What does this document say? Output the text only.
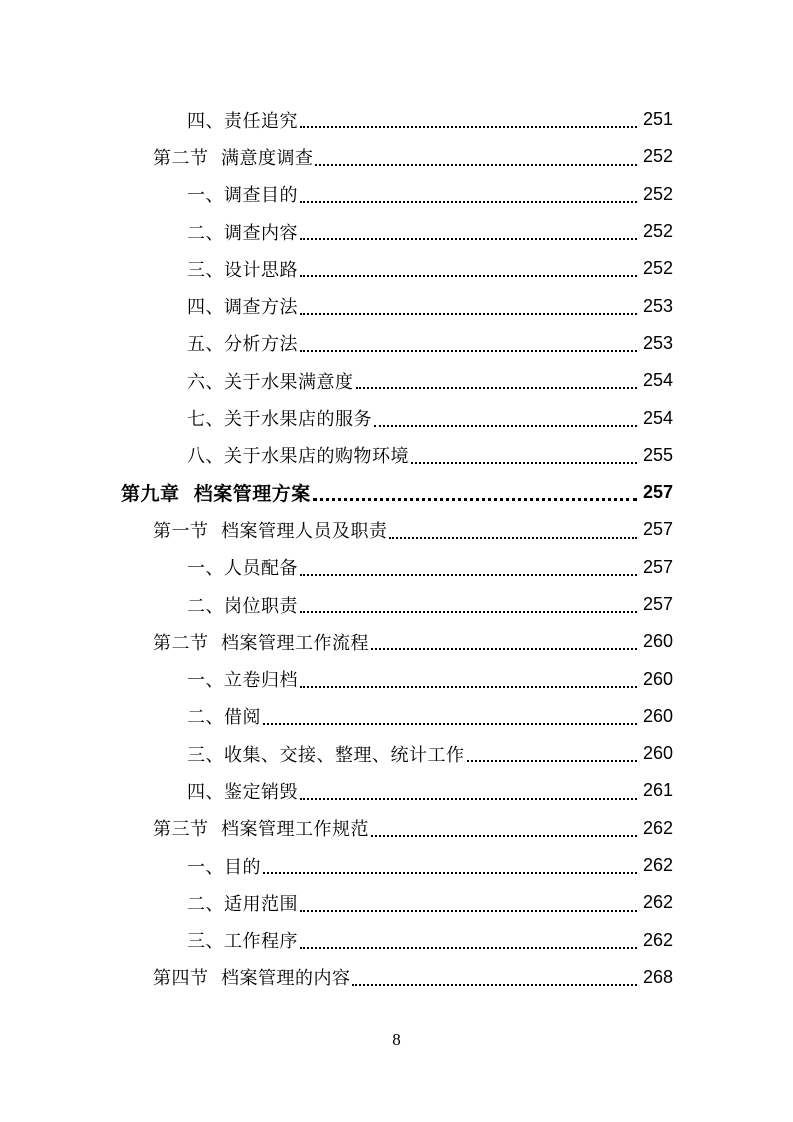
四、责任追究	251
第二节  满意度调查	252
一、调查目的	252
二、调查内容	252
三、设计思路	252
四、调查方法	253
五、分析方法	253
六、关于水果满意度	254
七、关于水果店的服务	254
八、关于水果店的购物环境	255
第九章  档案管理方案	257
第一节  档案管理人员及职责	257
一、人员配备	257
二、岗位职责	257
第二节  档案管理工作流程	260
一、立卷归档	260
二、借阅	260
三、收集、交接、整理、统计工作	260
四、鉴定销毁	261
第三节  档案管理工作规范	262
一、目的	262
二、适用范围	262
三、工作程序	262
第四节  档案管理的内容	268
8
